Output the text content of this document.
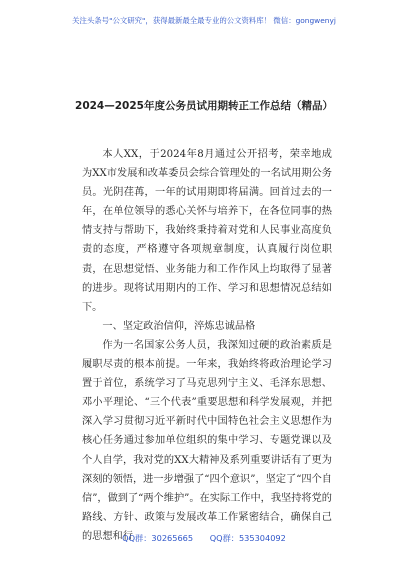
关注头条号"公文研究"，获得最新最全最专业的公文资料库！ 微信：gongwenyj
2024—2025年度公务员试用期转正工作总结（精品）

本人XX，于2024年8月通过公开招考，荣幸地成为XX市发展和改革委员会综合管理处的一名试用期公务员。光阴荏苒，一年的试用期即将届满。回首过去的一年，在单位领导的悉心关怀与培养下，在各位同事的热情支持与帮助下，我始终秉持着对党和人民事业高度负责的态度，严格遵守各项规章制度，认真履行岗位职责，在思想觉悟、业务能力和工作作风上均取得了显著的进步。现将试用期内的工作、学习和思想情况总结如下。

一、坚定政治信仰，淬炼忠诚品格

作为一名国家公务人员，我深知过硬的政治素质是履职尽责的根本前提。一年来，我始终将政治理论学习置于首位，系统学习了马克思列宁主义、毛泽东思想、邓小平理论、“三个代表”重要思想和科学发展观，并把深入学习贯彻习近平新时代中国特色社会主义思想作为核心任务通过参加单位组织的集中学习、专题党课以及个人自学，我对党的XX大精神及系列重要讲话有了更为深刻的领悟，进一步增强了“四个意识”，坚定了“四个自信”，做到了“两个维护”。在实际工作中，我坚持将党的路线、方针、政策与发展改革工作紧密结合，确保自己的思想和行

QQ群：30265665 QQ群：535304092
